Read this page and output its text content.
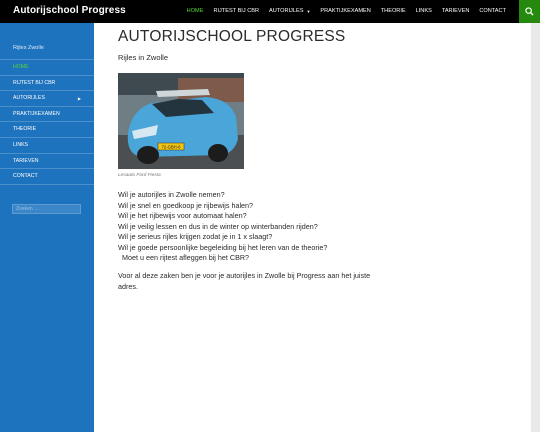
Autorijschool Progress	HOME	RIJTEST BIJ CBR	AUTORIJLES ▼	PRAKTIJKEXAMEN	THEORIE	LINKS	TARIEVEN	CONTACT
Rijles Zwolle
HOME
RIJTEST BIJ CBR
AUTORIJLES	▶
PRAKTIJKEXAMEN
THEORIE
LINKS
TARIEVEN
CONTACT
Zoeken …
AUTORIJSCHOOL PROGRESS

Rijles in Zwolle

72-GBH-6

Lesauto Ford Fiesta

Wil je autorijles in Zwolle nemen?
Wil je snel en goedkoop je rijbewijs halen?
Wil je het rijbewijs voor automaat halen?
Wil je veilig lessen en dus in de winter op winterbanden rijden?
Wil je serieus rijles krijgen zodat je in 1 x slaagt?
Wil je goede persoonlijke begeleiding bij het leren van de theorie?
Moet u een rijtest afleggen bij het CBR?

Voor al deze zaken ben je voor je autorijles in Zwolle bij Progress aan het juiste adres.
